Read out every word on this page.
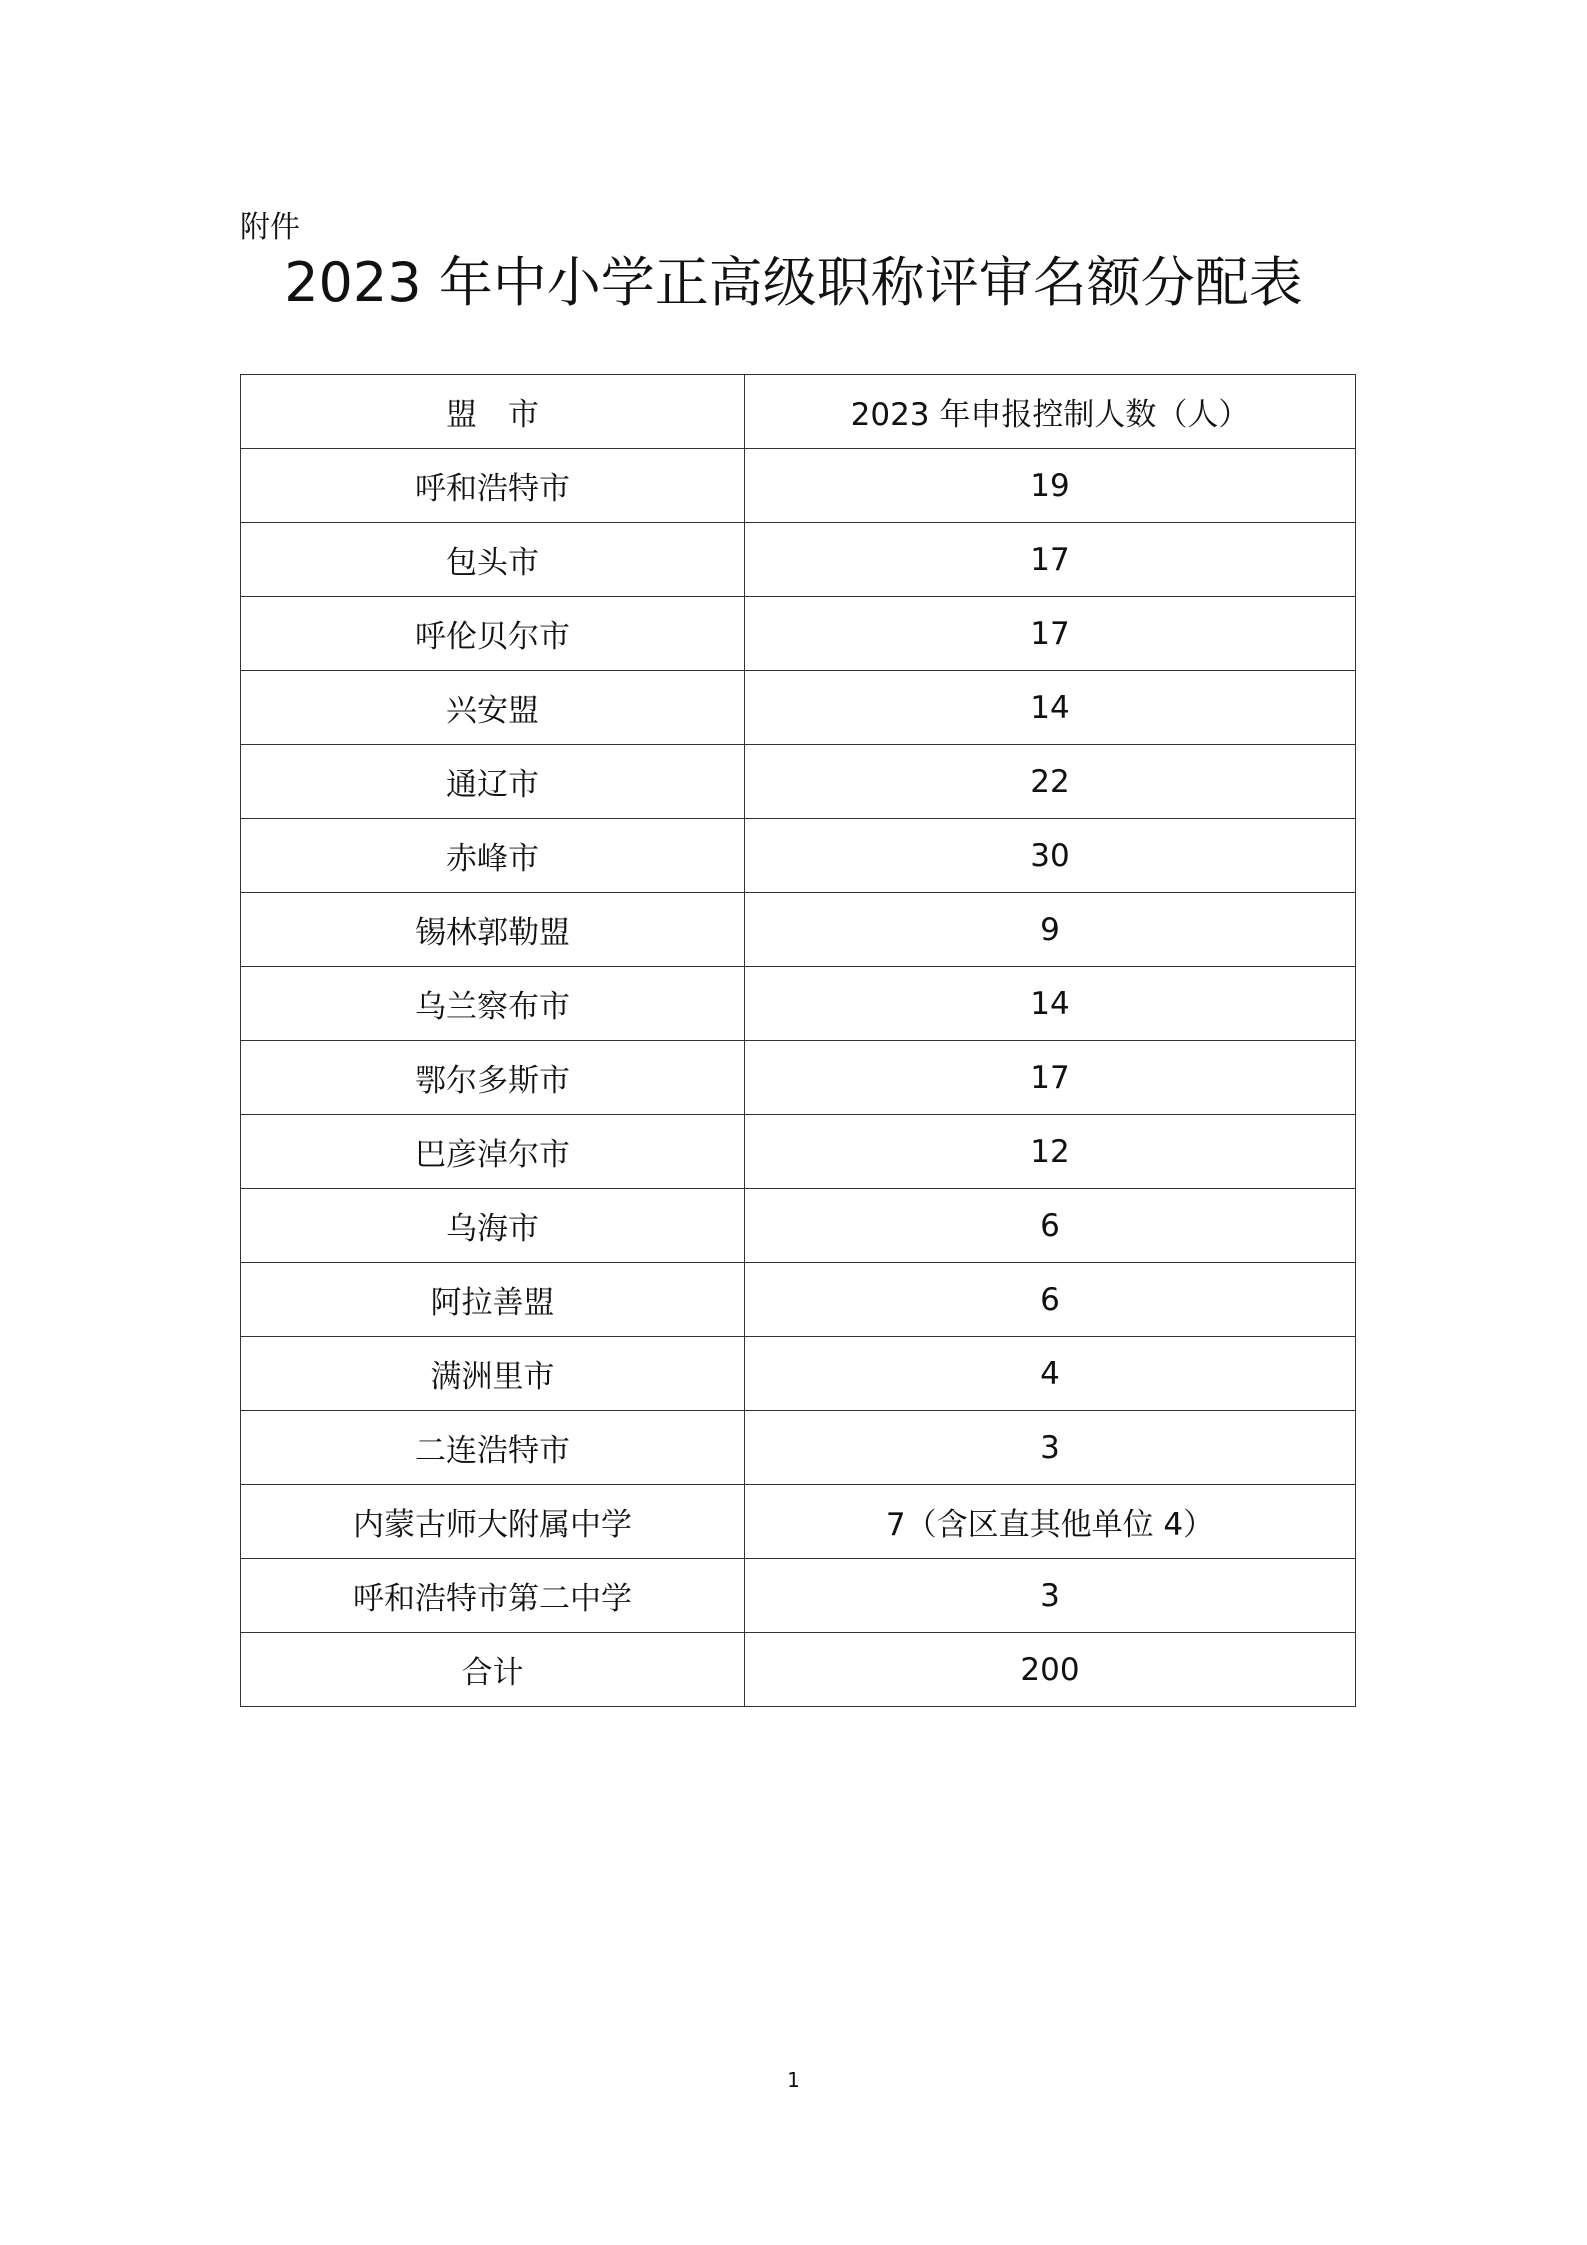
附件
2023 年中小学正高级职称评审名额分配表
盟　市	2023 年申报控制人数（人）
呼和浩特市	19
包头市	17
呼伦贝尔市	17
兴安盟	14
通辽市	22
赤峰市	30
锡林郭勒盟	9
乌兰察布市	14
鄂尔多斯市	17
巴彦淖尔市	12
乌海市	6
阿拉善盟	6
满洲里市	4
二连浩特市	3
内蒙古师大附属中学	7（含区直其他单位 4）
呼和浩特市第二中学	3
合计	200
1
